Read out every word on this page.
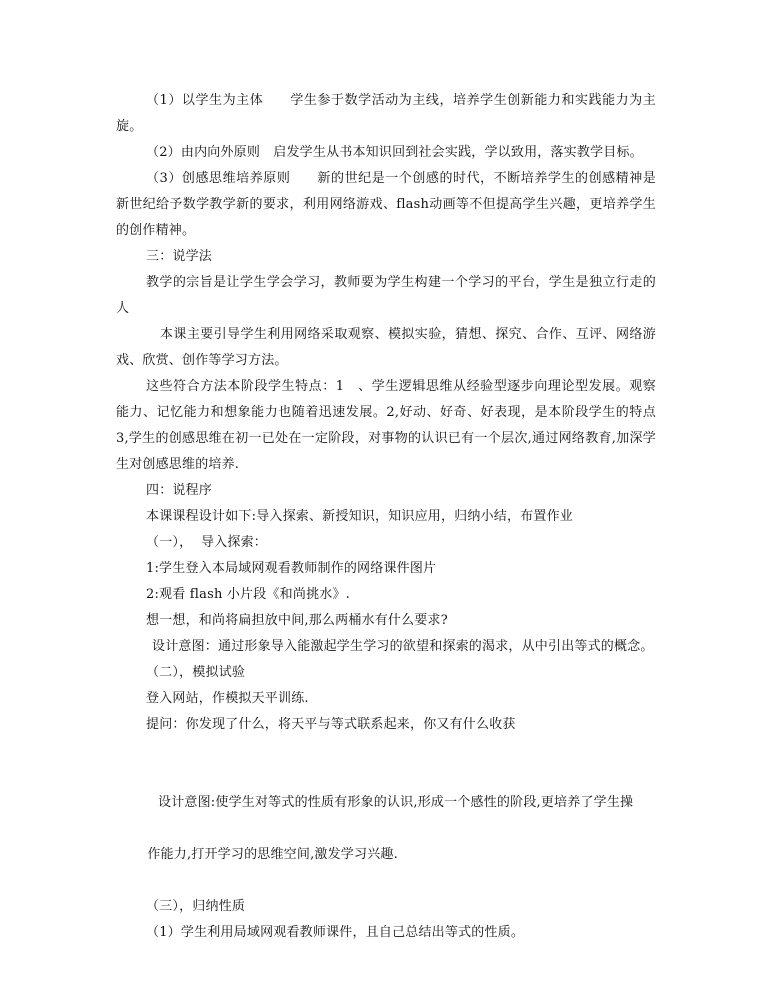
（1）以学生为主体　　学生参于数学活动为主线，培养学生创新能力和实践能力为主旋。

（2）由内向外原则　启发学生从书本知识回到社会实践，学以致用，落实教学目标。

（3）创感思维培养原则　　新的世纪是一个创感的时代，不断培养学生的创感精神是新世纪给予数学教学新的要求，利用网络游戏、flash动画等不但提高学生兴趣，更培养学生的创作精神。

三：说学法

教学的宗旨是让学生学会学习，教师要为学生构建一个学习的平台，学生是独立行走的人

本课主要引导学生利用网络采取观察、模拟实验，猜想、探究、合作、互评、网络游戏、欣赏、创作等学习方法。

这些符合方法本阶段学生特点：1　、学生逻辑思维从经验型逐步向理论型发展。观察能力、记忆能力和想象能力也随着迅速发展。2,好动、好奇、好表现，是本阶段学生的特点 3,学生的创感思维在初一已处在一定阶段，对事物的认识已有一个层次,通过网络教育,加深学生对创感思维的培养.

四：说程序

本课课程设计如下:导入探索、新授知识，知识应用，归纳小结，布置作业

（一），  导入探索：

1:学生登入本局域网观看教师制作的网络课件图片

2:观看 flash 小片段《和尚挑水》.

想一想，和尚将扁担放中间,那么两桶水有什么要求?

设计意图：通过形象导入能激起学生学习的欲望和探索的渴求，从中引出等式的概念。

（二），模拟试验

登入网站，作模拟天平训练.

提问：你发现了什么，将天平与等式联系起来，你又有什么收获

设计意图:使学生对等式的性质有形象的认识,形成一个感性的阶段,更培养了学生操

作能力,打开学习的思维空间,激发学习兴趣.

（三），归纳性质

（1）学生利用局域网观看教师课件，且自己总结出等式的性质。
